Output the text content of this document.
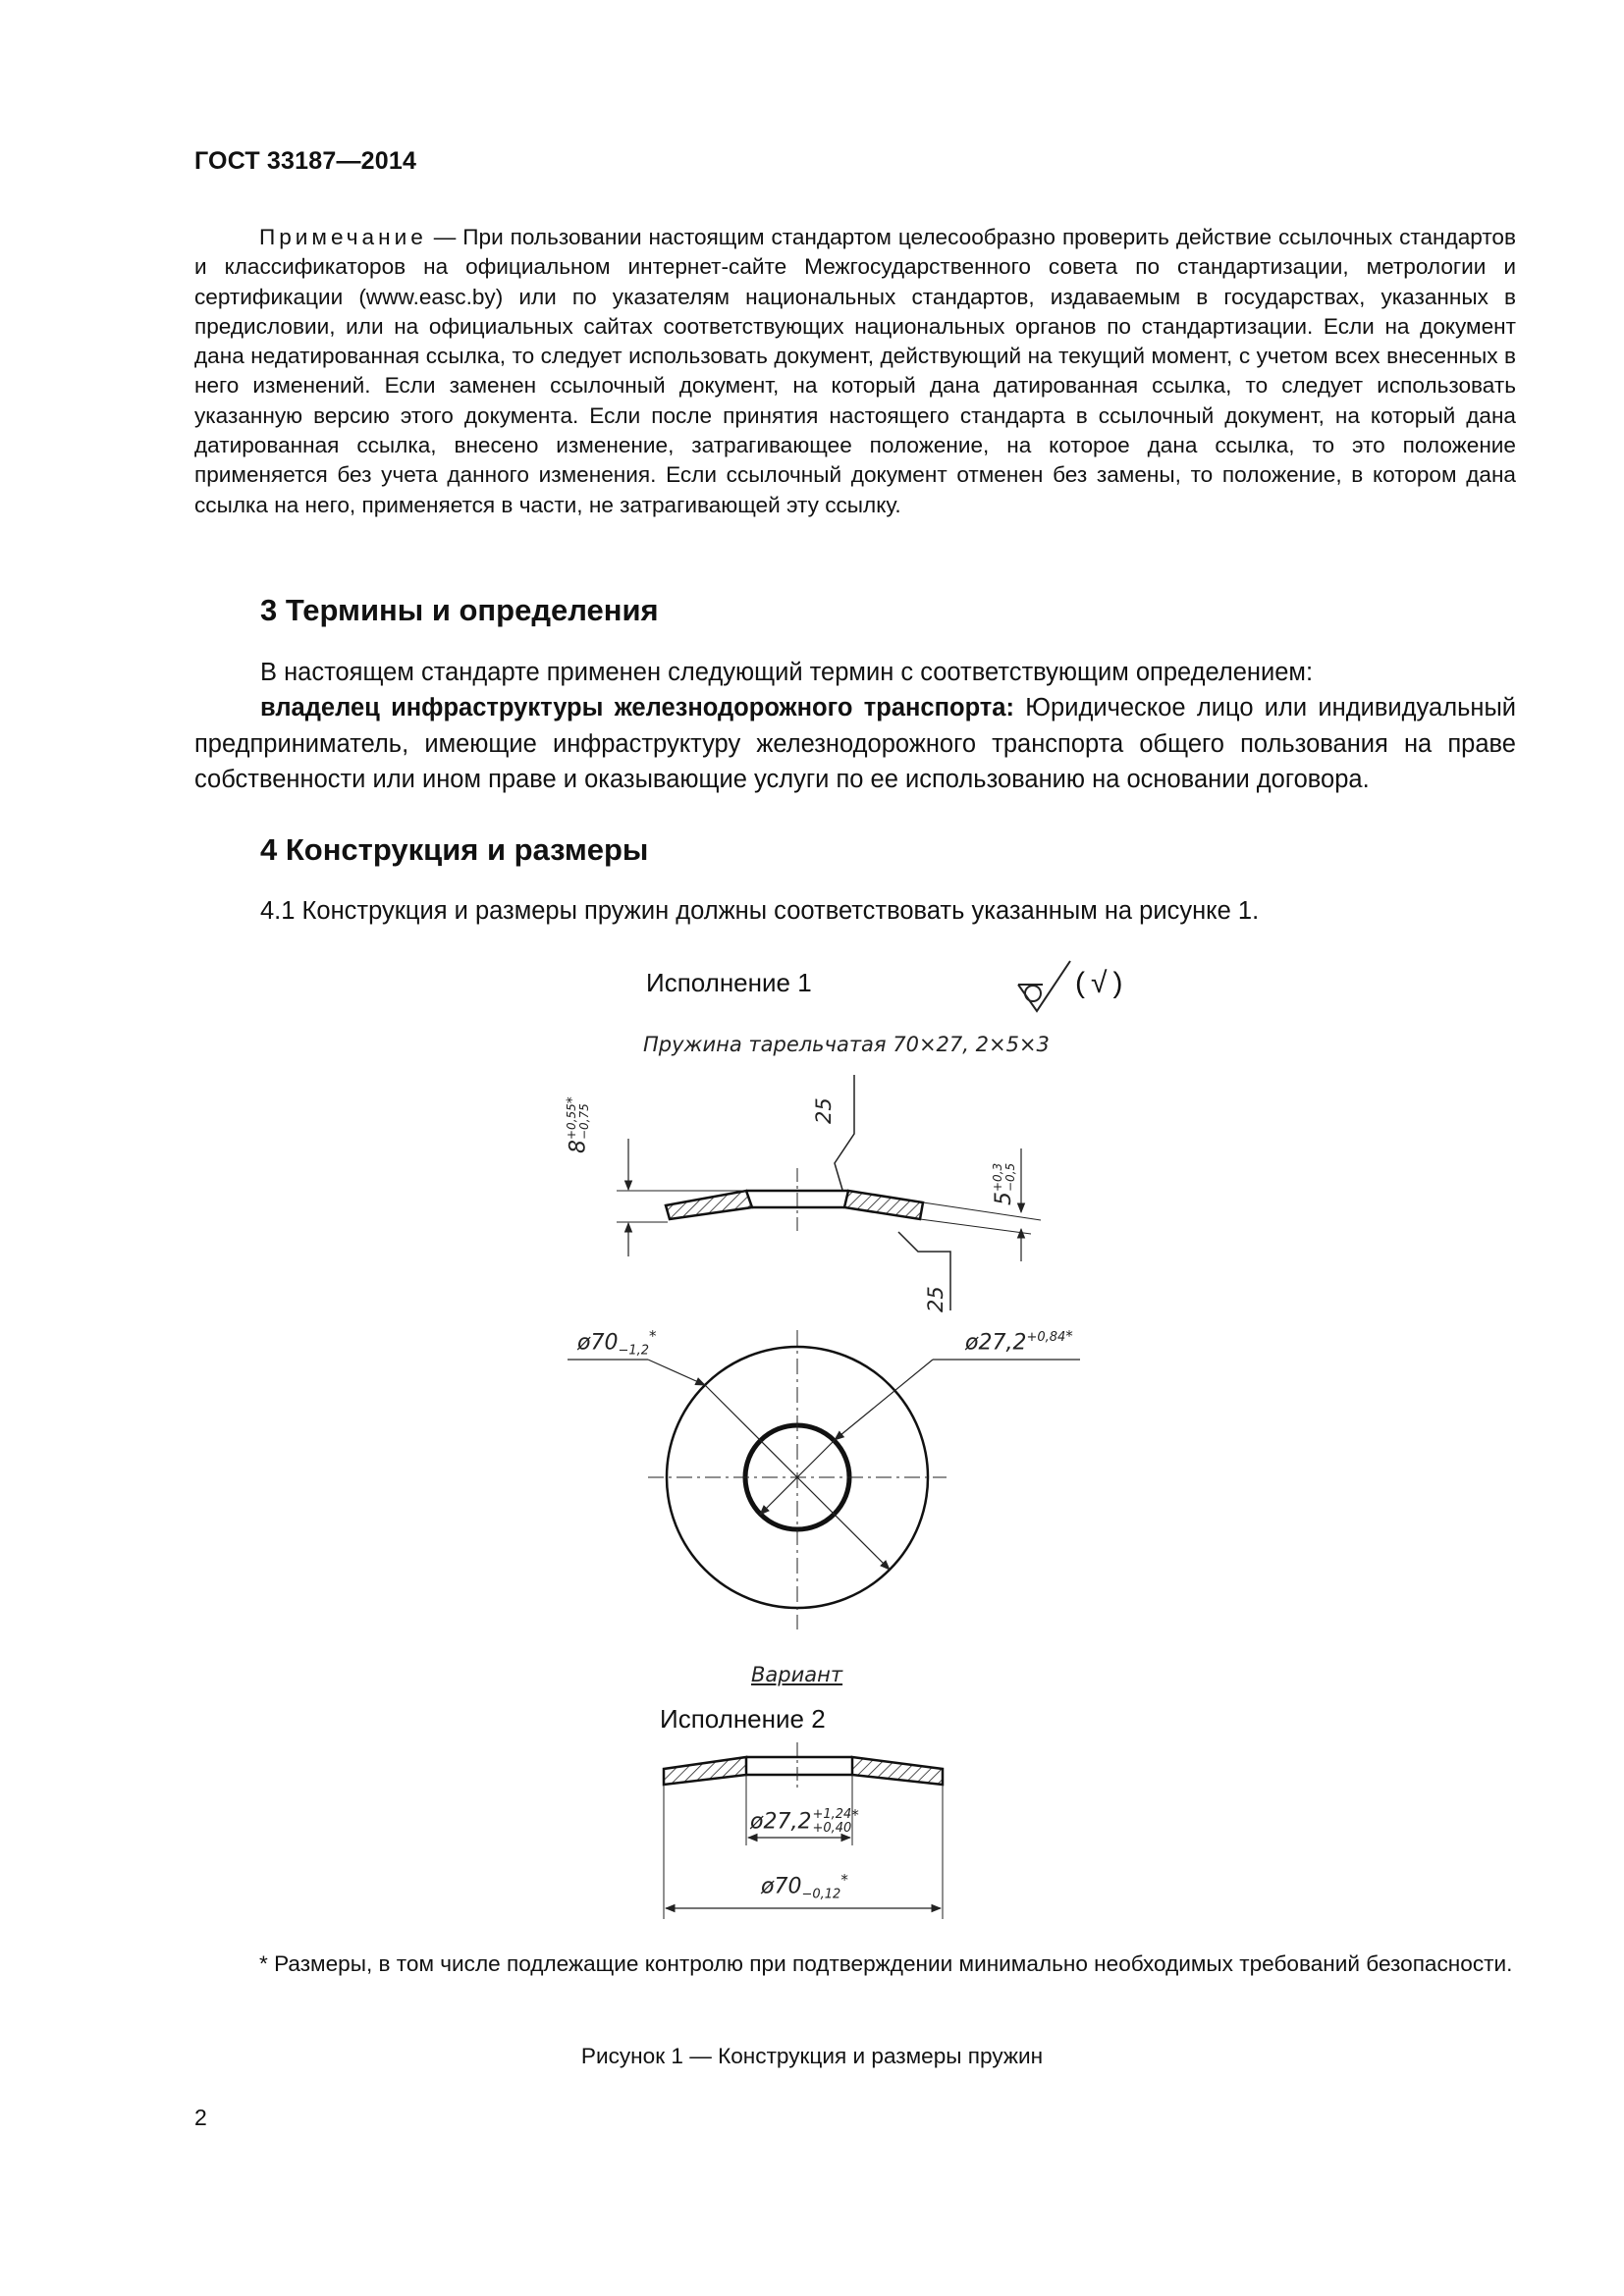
ГОСТ 33187—2014
Примечание — При пользовании настоящим стандартом целесообразно проверить действие ссылочных стандартов и классификаторов на официальном интернет-сайте Межгосударственного совета по стандартизации, метрологии и сертификации (www.easc.by) или по указателям национальных стандартов, издаваемым в государствах, указанных в предисловии, или на официальных сайтах соответствующих национальных органов по стандартизации. Если на документ дана недатированная ссылка, то следует использовать документ, действующий на текущий момент, с учетом всех внесенных в него изменений. Если заменен ссылочный документ, на который дана датированная ссылка, то следует использовать указанную версию этого документа. Если после принятия настоящего стандарта в ссылочный документ, на который дана датированная ссылка, внесено изменение, затрагивающее положение, на которое дана ссылка, то это положение применяется без учета данного изменения. Если ссылочный документ отменен без замены, то положение, в котором дана ссылка на него, применяется в части, не затрагивающей эту ссылку.
3 Термины и определения
В настоящем стандарте применен следующий термин с соответствующим определением:
владелец инфраструктуры железнодорожного транспорта: Юридическое лицо или индивидуальный предприниматель, имеющие инфраструктуру железнодорожного транспорта общего пользования на праве собственности или ином праве и оказывающие услуги по ее использованию на основании договора.
4 Конструкция и размеры
4.1 Конструкция и размеры пружин должны соответствовать указанным на рисунке 1.
Исполнение 1	(√)
Пружина тарельчатая 70×27, 2×5×3
$ø70_{-1,2}^*$	$ø27,2^{+0,84*}$
Вариант
Исполнение 2
ø27,2+1,24
+0,40*
$ø70_{-0,12}^*$
8+0,55
−0,75*
5+0,3
−0,5
25
25
* Размеры, в том числе подлежащие контролю при подтверждении минимально необходимых требований безопасности.
Рисунок 1 — Конструкция и размеры пружин
2
